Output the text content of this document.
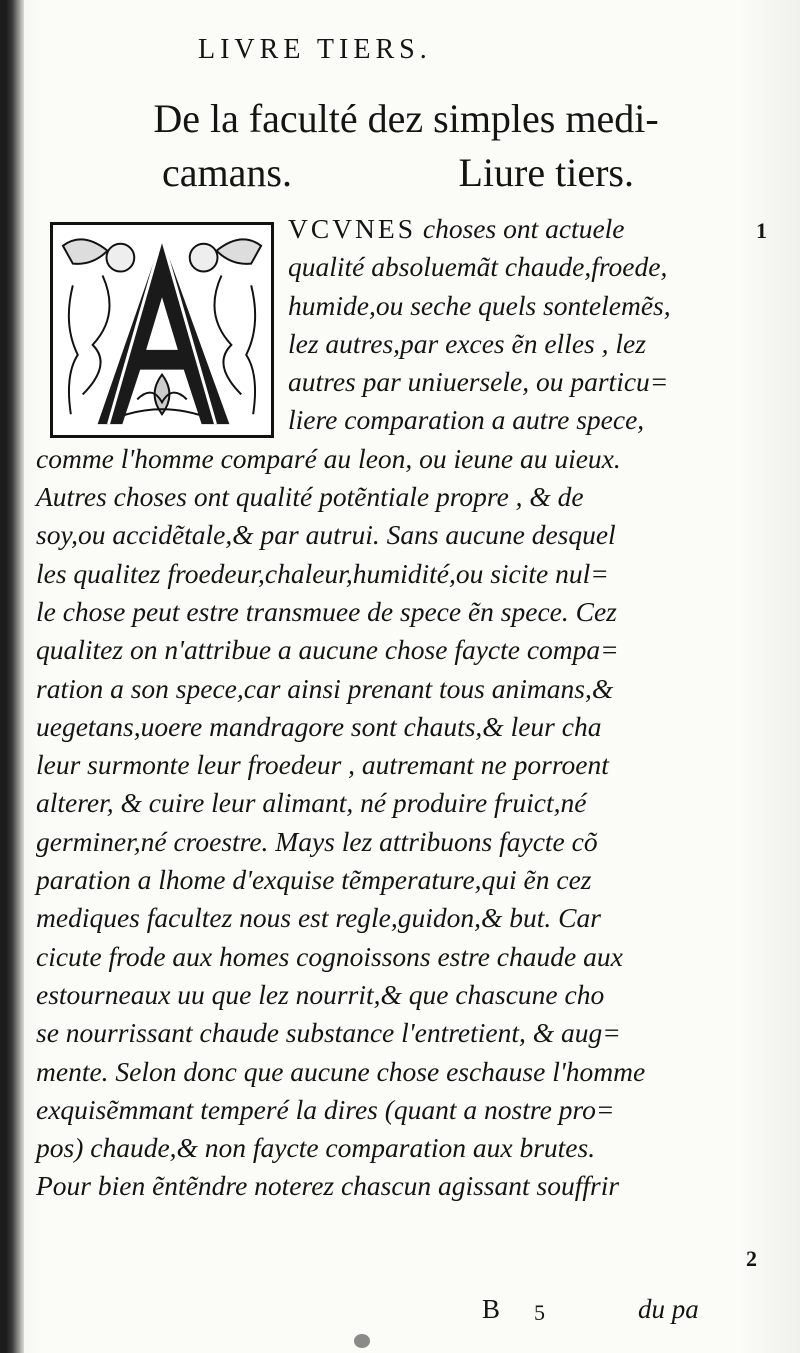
LIVRE TIERS.
De la faculté dez simples medi-
camans.	Liure tiers.
A
VCVNES choses ont actuele
qualité absoluemãt chaude,froede,
humide,ou seche quels sontelemẽs,
lez autres,par exces ẽn elles , lez
autres par uniuersele, ou particu=
liere comparation a autre spece,
comme l'homme comparé au leon, ou ieune au uieux.
Autres choses ont qualité potẽntiale propre , & de
soy,ou accidẽtale,& par autrui. Sans aucune desquel
les qualitez froedeur,chaleur,humidité,ou sicite nul=
le chose peut estre transmuee de spece ẽn spece. Cez
qualitez on n'attribue a aucune chose faycte compa=
ration a son spece,car ainsi prenant tous animans,&
uegetans,uoere mandragore sont chauts,& leur cha
leur surmonte leur froedeur , autremant ne porroent
alterer, & cuire leur alimant, né produire fruict,né
germiner,né croestre. Mays lez attribuons faycte cõ
paration a lhome d'exquise tẽmperature,qui ẽn cez
mediques facultez nous est regle,guidon,& but. Car
cicute frode aux homes cognoissons estre chaude aux
estourneaux uu que lez nourrit,& que chascune cho
se nourrissant chaude substance l'entretient, & aug=
mente. Selon donc que aucune chose eschause l'homme
exquisẽmmant temperé la dires (quant a nostre pro=
pos) chaude,& non faycte comparation aux brutes.
Pour bien ẽntẽndre noterez chascun agissant souffrir
1
2
B 5	du pa
